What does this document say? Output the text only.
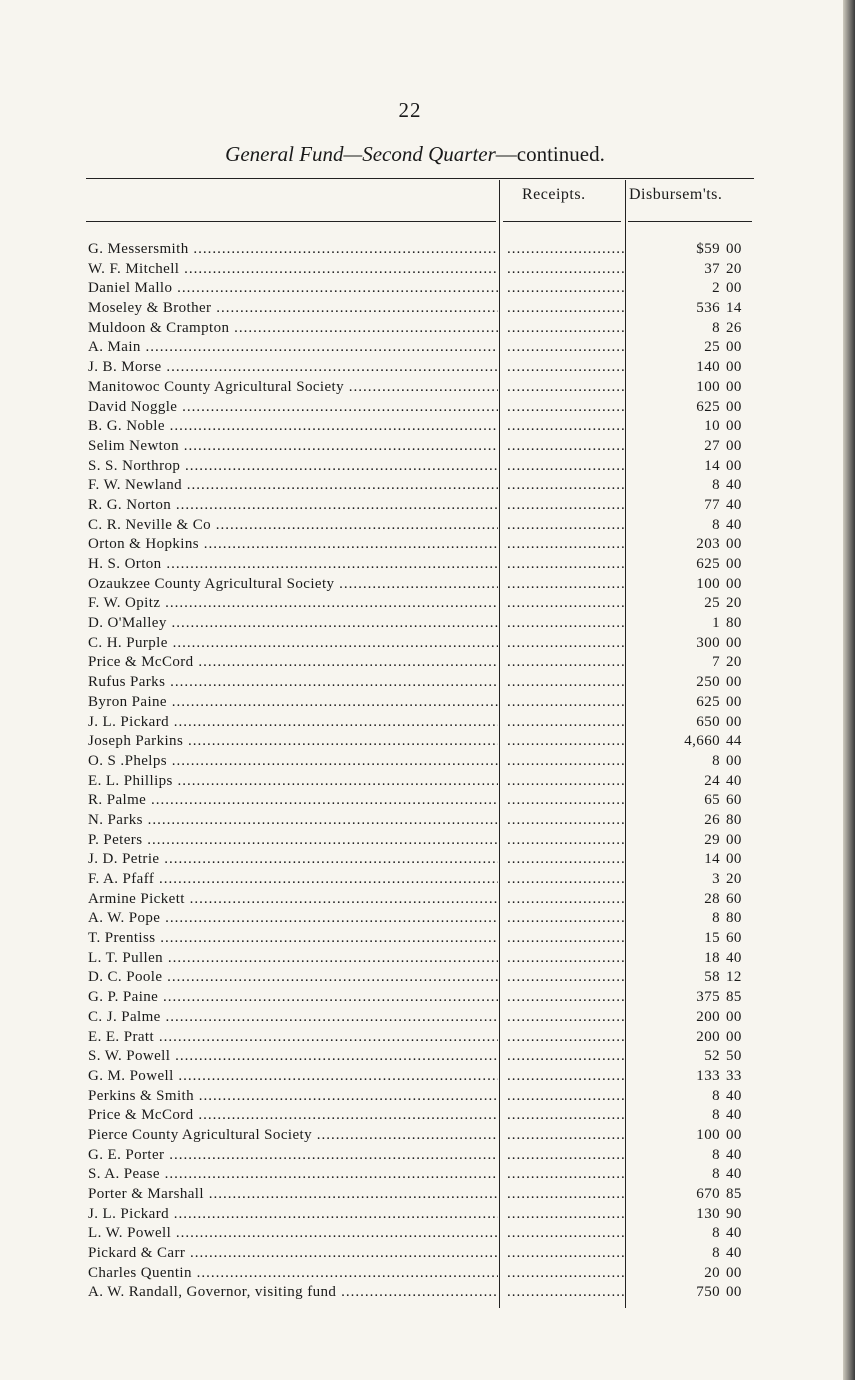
22
General Fund—Second Quarter—continued.
Receipts.	Disbursem'ts.
G. Messersmith ..... .....	$59 00
W. F. Mitchell ..... .....	37 20
Daniel Mallo ..... .....	2 00
Moseley & Brother ..... .....	536 14
Muldoon & Crampton ..... .....	8 26
A. Main ..... .....	25 00
J. B. Morse ..... .....	140 00
Manitowoc County Agricultural Society ..... .....	100 00
David Noggle ..... .....	625 00
B. G. Noble ..... .....	10 00
Selim Newton ..... .....	27 00
S. S. Northrop ..... .....	14 00
F. W. Newland ..... .....	8 40
R. G. Norton ..... .....	77 40
C. R. Neville & Co ..... .....	8 40
Orton & Hopkins ..... .....	203 00
H. S. Orton ..... .....	625 00
Ozaukzee County Agricultural Society ..... .....	100 00
F. W. Opitz ..... .....	25 20
D. O'Malley ..... .....	1 80
C. H. Purple ..... .....	300 00
Price & McCord ..... .....	7 20
Rufus Parks ..... .....	250 00
Byron Paine ..... .....	625 00
J. L. Pickard ..... .....	650 00
Joseph Parkins ..... .....	4,660 44
O. S .Phelps ..... .....	8 00
E. L. Phillips ..... .....	24 40
R. Palme ..... .....	65 60
N. Parks ..... .....	26 80
P. Peters ..... .....	29 00
J. D. Petrie ..... .....	14 00
F. A. Pfaff ..... .....	3 20
Armine Pickett ..... .....	28 60
A. W. Pope ..... .....	8 80
T. Prentiss ..... .....	15 60
L. T. Pullen ..... .....	18 40
D. C. Poole ..... .....	58 12
G. P. Paine ..... .....	375 85
C. J. Palme ..... .....	200 00
E. E. Pratt ..... .....	200 00
S. W. Powell ..... .....	52 50
G. M. Powell ..... .....	133 33
Perkins & Smith ..... .....	8 40
Price & McCord ..... .....	8 40
Pierce County Agricultural Society ..... .....	100 00
G. E. Porter ..... .....	8 40
S. A. Pease ..... .....	8 40
Porter & Marshall ..... .....	670 85
J. L. Pickard ..... .....	130 90
L. W. Powell ..... .....	8 40
Pickard & Carr ..... .....	8 40
Charles Quentin ..... .....	20 00
A. W. Randall, Governor, visiting fund ..... .....	750 00
